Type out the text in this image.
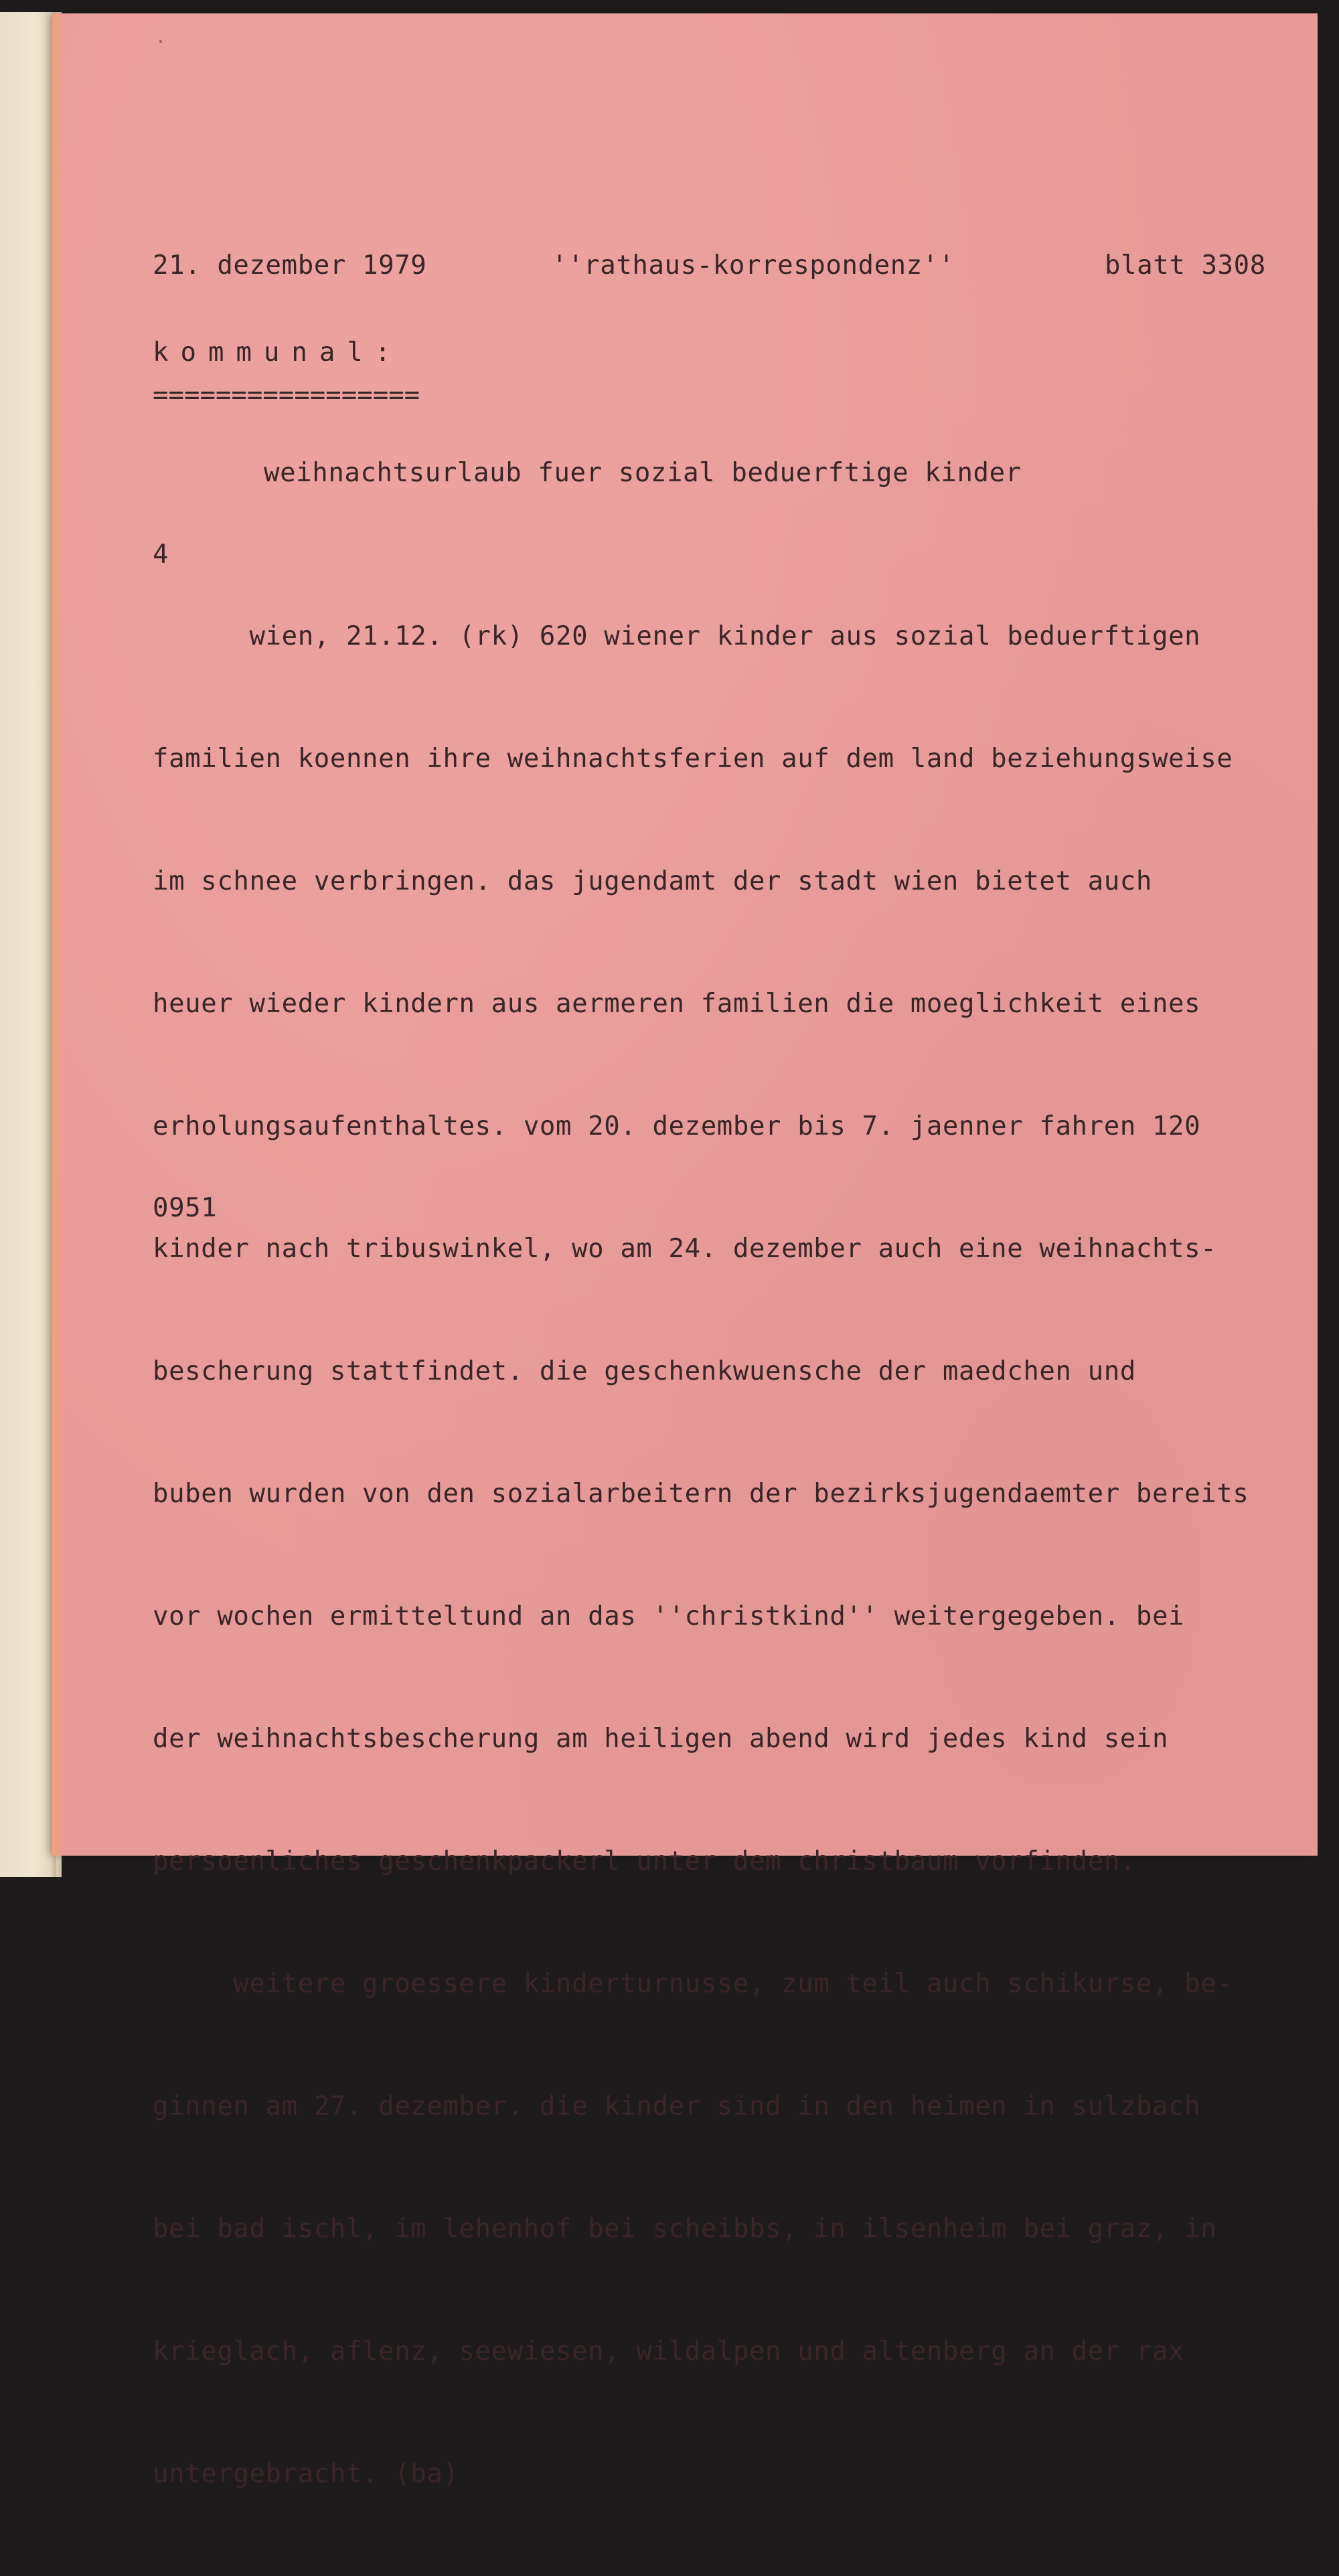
21. dezember 1979	''rathaus-korrespondenz''	blatt 3308

kommunal:

=================

weihnachtsurlaub fuer sozial beduerftige kinder

4

wien, 21.12. (rk) 620 wiener kinder aus sozial beduerftigen

familien koennen ihre weihnachtsferien auf dem land beziehungsweise

im schnee verbringen. das jugendamt der stadt wien bietet auch

heuer wieder kindern aus aermeren familien die moeglichkeit eines

erholungsaufenthaltes. vom 20. dezember bis 7. jaenner fahren 120

kinder nach tribuswinkel, wo am 24. dezember auch eine weihnachts-

bescherung stattfindet. die geschenkwuensche der maedchen und

buben wurden von den sozialarbeitern der bezirksjugendaemter bereits

vor wochen ermitteltund an das ''christkind'' weitergegeben. bei

der weihnachtsbescherung am heiligen abend wird jedes kind sein

persoenliches geschenkpackerl unter dem christbaum vorfinden.

weitere groessere kinderturnusse, zum teil auch schikurse, be-

ginnen am 27. dezember. die kinder sind in den heimen in sulzbach

bei bad ischl, im lehenhof bei scheibbs, in ilsenheim bei graz, in

krieglach, aflenz, seewiesen, wildalpen und altenberg an der rax

untergebracht. (ba)

0951
